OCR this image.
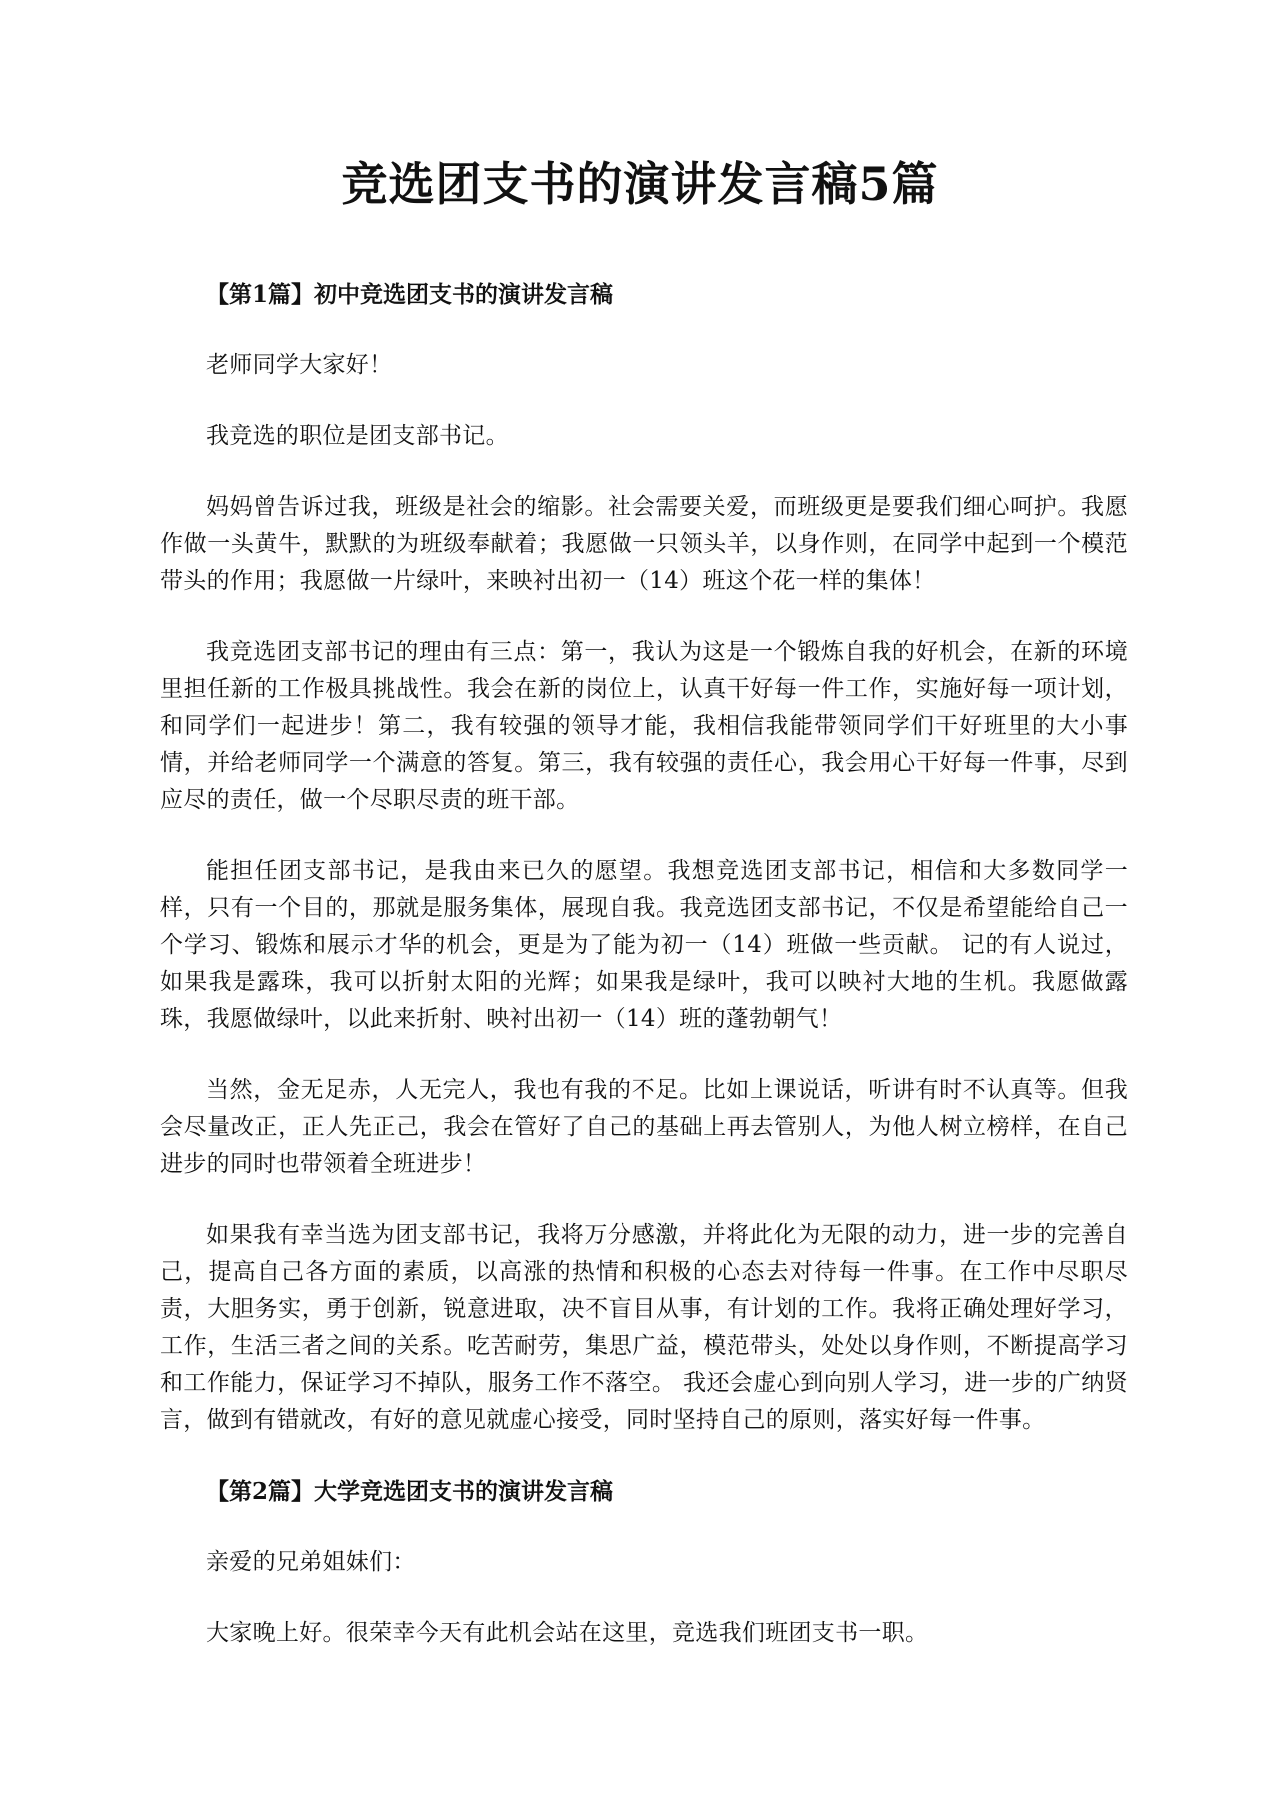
竞选团支书的演讲发言稿5篇

【第1篇】初中竞选团支书的演讲发言稿

老师同学大家好！

我竞选的职位是团支部书记。

妈妈曾告诉过我，班级是社会的缩影。社会需要关爱，而班级更是要我们细心呵护。我愿作做一头黄牛，默默的为班级奉献着；我愿做一只领头羊，以身作则，在同学中起到一个模范带头的作用；我愿做一片绿叶，来映衬出初一（14）班这个花一样的集体！

我竞选团支部书记的理由有三点：第一，我认为这是一个锻炼自我的好机会，在新的环境里担任新的工作极具挑战性。我会在新的岗位上，认真干好每一件工作，实施好每一项计划，和同学们一起进步！第二，我有较强的领导才能，我相信我能带领同学们干好班里的大小事情，并给老师同学一个满意的答复。第三，我有较强的责任心，我会用心干好每一件事，尽到应尽的责任，做一个尽职尽责的班干部。

能担任团支部书记，是我由来已久的愿望。我想竞选团支部书记，相信和大多数同学一样，只有一个目的，那就是服务集体，展现自我。我竞选团支部书记，不仅是希望能给自己一个学习、锻炼和展示才华的机会，更是为了能为初一（14）班做一些贡献。 记的有人说过，如果我是露珠，我可以折射太阳的光辉；如果我是绿叶，我可以映衬大地的生机。我愿做露珠，我愿做绿叶，以此来折射、映衬出初一（14）班的蓬勃朝气！

当然，金无足赤，人无完人，我也有我的不足。比如上课说话，听讲有时不认真等。但我会尽量改正，正人先正己，我会在管好了自己的基础上再去管别人，为他人树立榜样，在自己进步的同时也带领着全班进步！

如果我有幸当选为团支部书记，我将万分感激，并将此化为无限的动力，进一步的完善自己，提高自己各方面的素质，以高涨的热情和积极的心态去对待每一件事。在工作中尽职尽责，大胆务实，勇于创新，锐意进取，决不盲目从事，有计划的工作。我将正确处理好学习，工作，生活三者之间的关系。吃苦耐劳，集思广益，模范带头，处处以身作则，不断提高学习和工作能力，保证学习不掉队，服务工作不落空。 我还会虚心到向别人学习，进一步的广纳贤言，做到有错就改，有好的意见就虚心接受，同时坚持自己的原则，落实好每一件事。

【第2篇】大学竞选团支书的演讲发言稿

亲爱的兄弟姐妹们：

大家晚上好。很荣幸今天有此机会站在这里，竞选我们班团支书一职。
